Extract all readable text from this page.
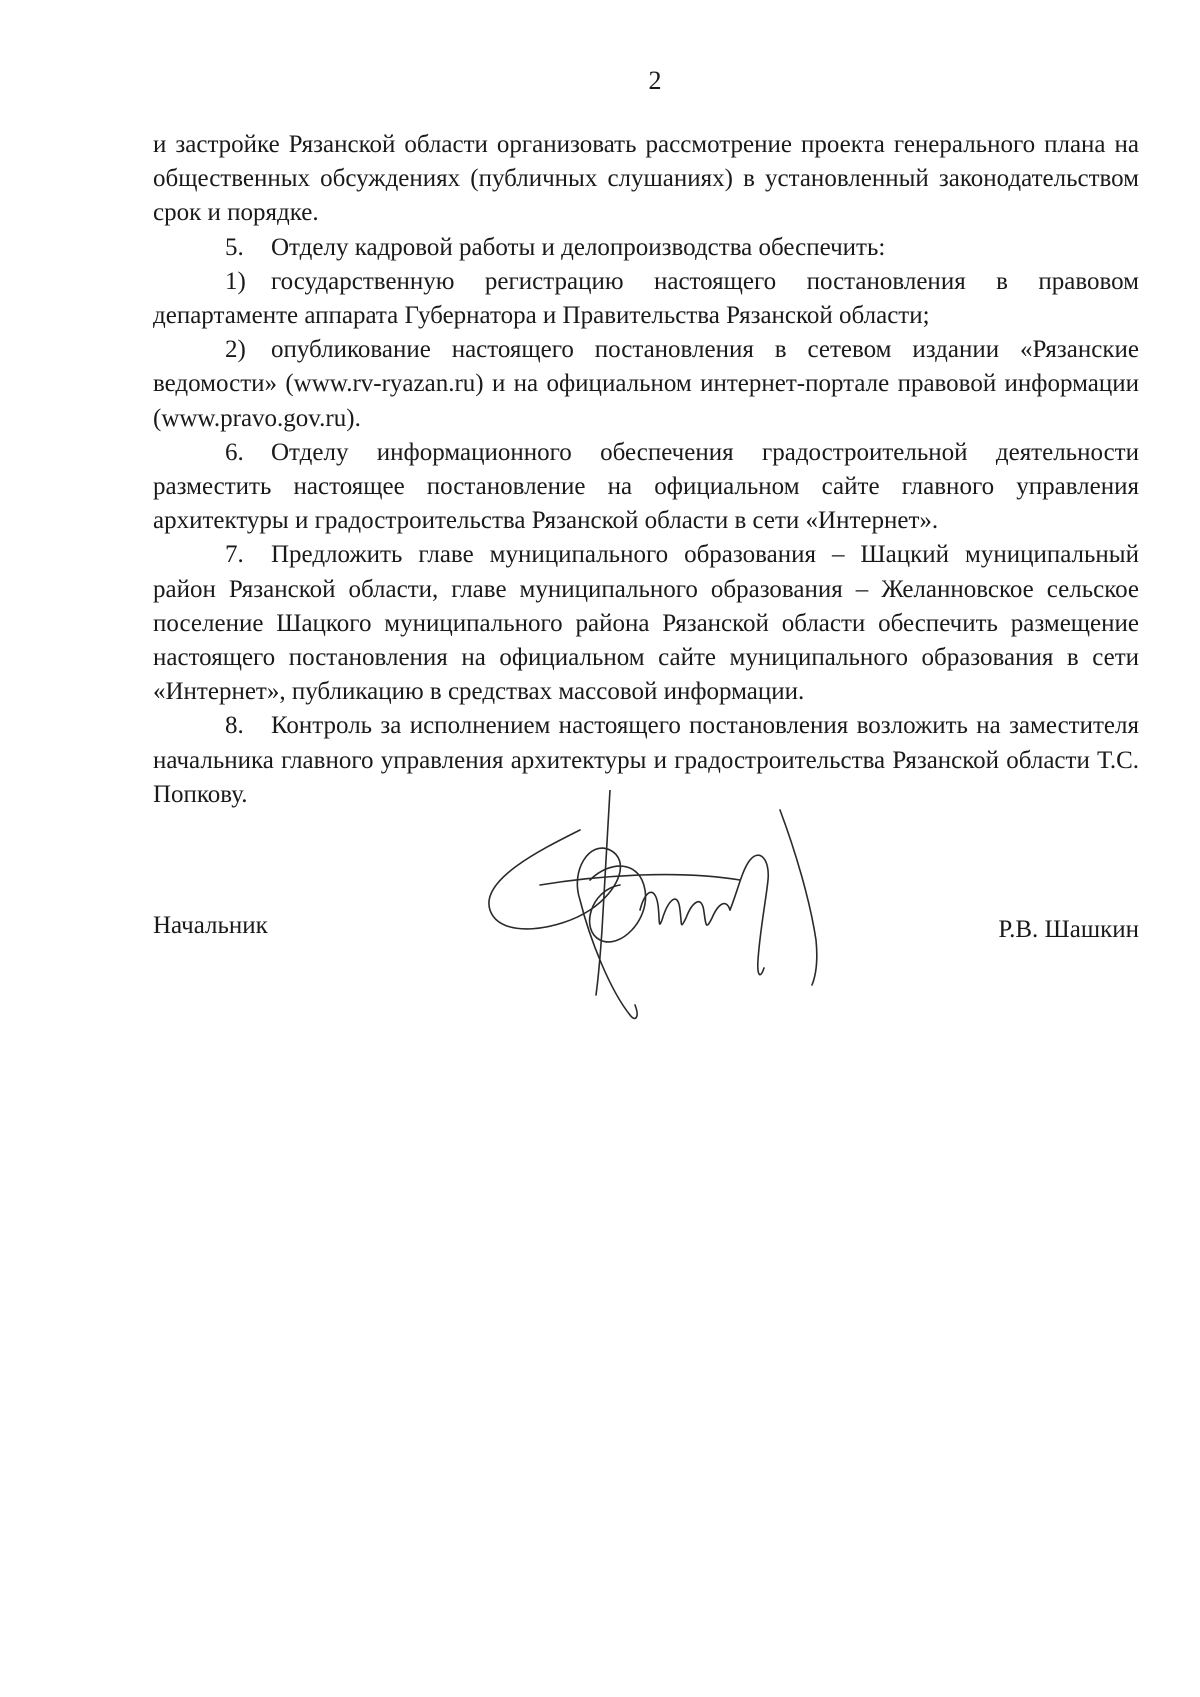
2

и застройке Рязанской области организовать рассмотрение проекта генерального плана на общественных обсуждениях (публичных слушаниях) в установленный законодательством срок и порядке.

5. Отделу кадровой работы и делопроизводства обеспечить:

1) государственную регистрацию настоящего постановления в правовом департаменте аппарата Губернатора и Правительства Рязанской области;

2) опубликование настоящего постановления в сетевом издании «Рязанские ведомости» (www.rv-ryazan.ru) и на официальном интернет-портале правовой информации (www.pravo.gov.ru).

6. Отделу информационного обеспечения градостроительной деятельности разместить настоящее постановление на официальном сайте главного управления архитектуры и градостроительства Рязанской области в сети «Интернет».

7. Предложить главе муниципального образования – Шацкий муниципальный район Рязанской области, главе муниципального образования – Желанновское сельское поселение Шацкого муниципального района Рязанской области обеспечить размещение настоящего постановления на официальном сайте муниципального образования в сети «Интернет», публикацию в средствах массовой информации.

8. Контроль за исполнением настоящего постановления возложить на заместителя начальника главного управления архитектуры и градостроительства Рязанской области Т.С. Попкову.

Начальник	Р.В. Шашкин
